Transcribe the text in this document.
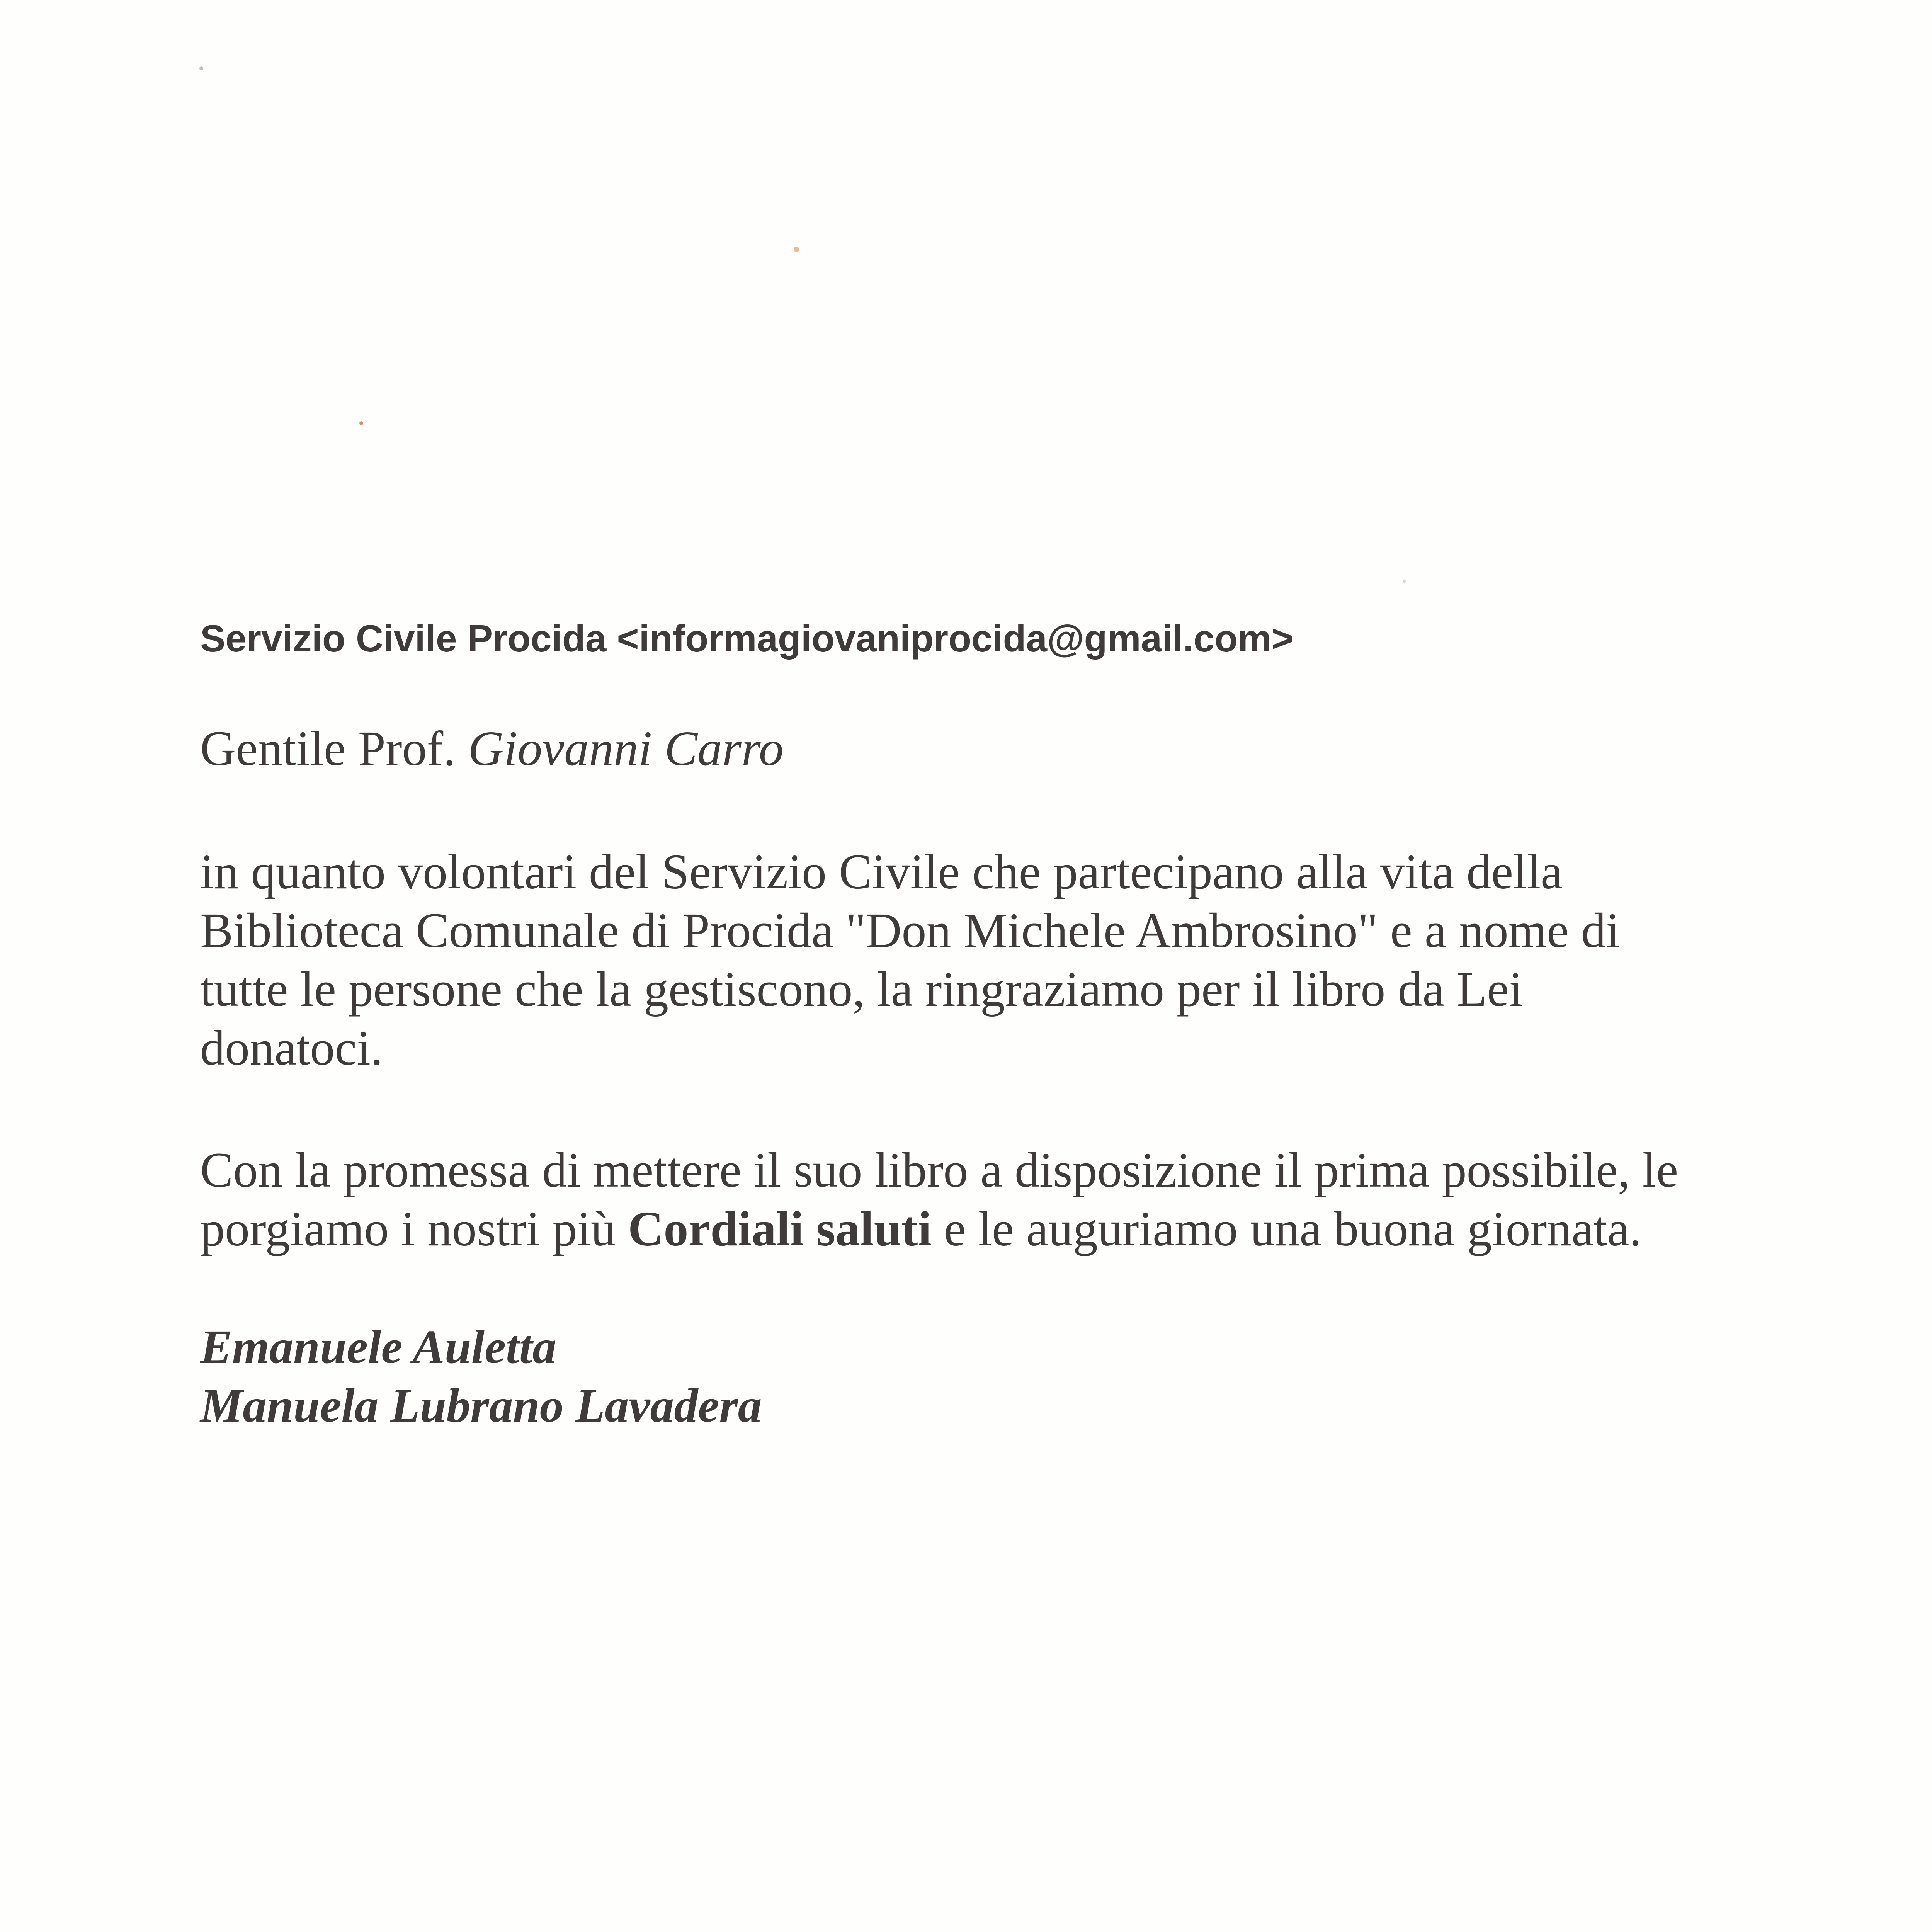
Servizio Civile Procida <informagiovaniprocida@gmail.com>
Gentile Prof. Giovanni Carro
in quanto volontari del Servizio Civile che partecipano alla vita della
Biblioteca Comunale di Procida "Don Michele Ambrosino" e a nome di
tutte le persone che la gestiscono, la ringraziamo per il libro da Lei
donatoci.
Con la promessa di mettere il suo libro a disposizione il prima possibile, le
porgiamo i nostri più Cordiali saluti e le auguriamo una buona giornata.
Emanuele Auletta
Manuela Lubrano Lavadera
